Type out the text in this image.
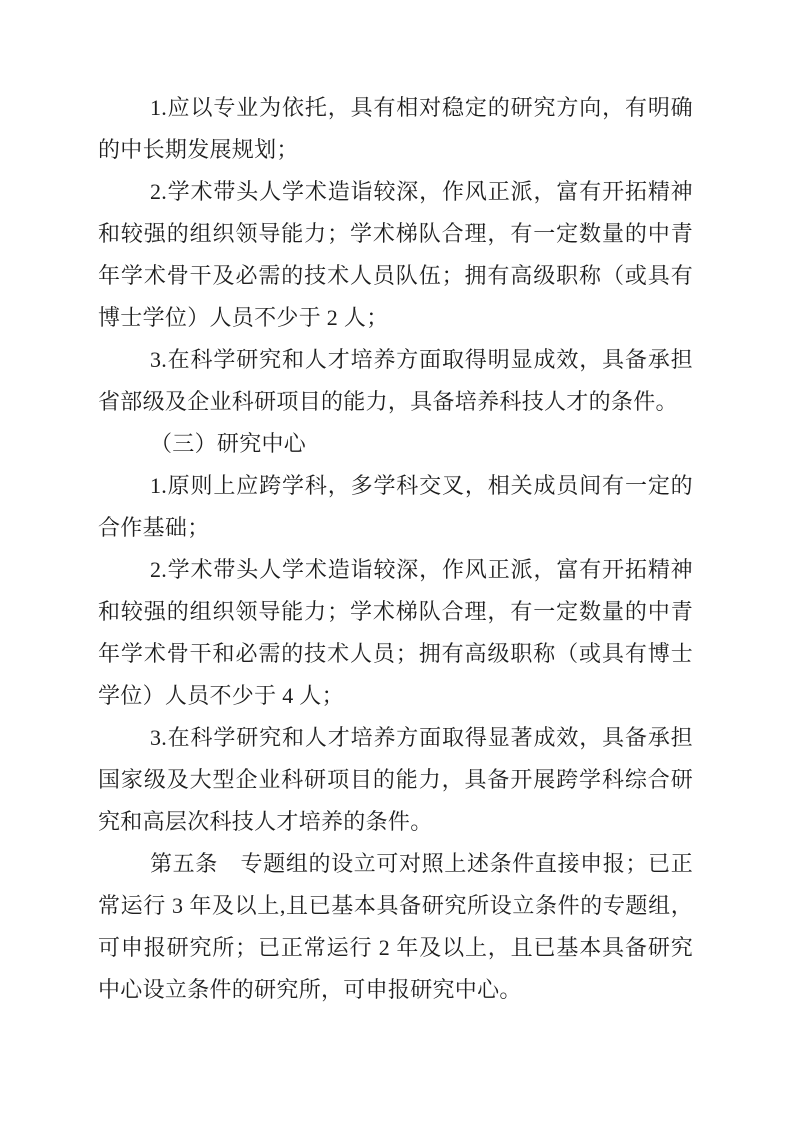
1.应以专业为依托，具有相对稳定的研究方向，有明确
的中长期发展规划；
2.学术带头人学术造诣较深，作风正派，富有开拓精神
和较强的组织领导能力；学术梯队合理，有一定数量的中青
年学术骨干及必需的技术人员队伍；拥有高级职称（或具有
博士学位）人员不少于 2 人；
3.在科学研究和人才培养方面取得明显成效，具备承担
省部级及企业科研项目的能力，具备培养科技人才的条件。
（三）研究中心
1.原则上应跨学科，多学科交叉，相关成员间有一定的
合作基础；
2.学术带头人学术造诣较深，作风正派，富有开拓精神
和较强的组织领导能力；学术梯队合理，有一定数量的中青
年学术骨干和必需的技术人员；拥有高级职称（或具有博士
学位）人员不少于 4 人；
3.在科学研究和人才培养方面取得显著成效，具备承担
国家级及大型企业科研项目的能力，具备开展跨学科综合研
究和高层次科技人才培养的条件。
第五条　专题组的设立可对照上述条件直接申报；已正
常运行 3 年及以上,且已基本具备研究所设立条件的专题组，
可申报研究所；已正常运行 2 年及以上，且已基本具备研究
中心设立条件的研究所，可申报研究中心。
